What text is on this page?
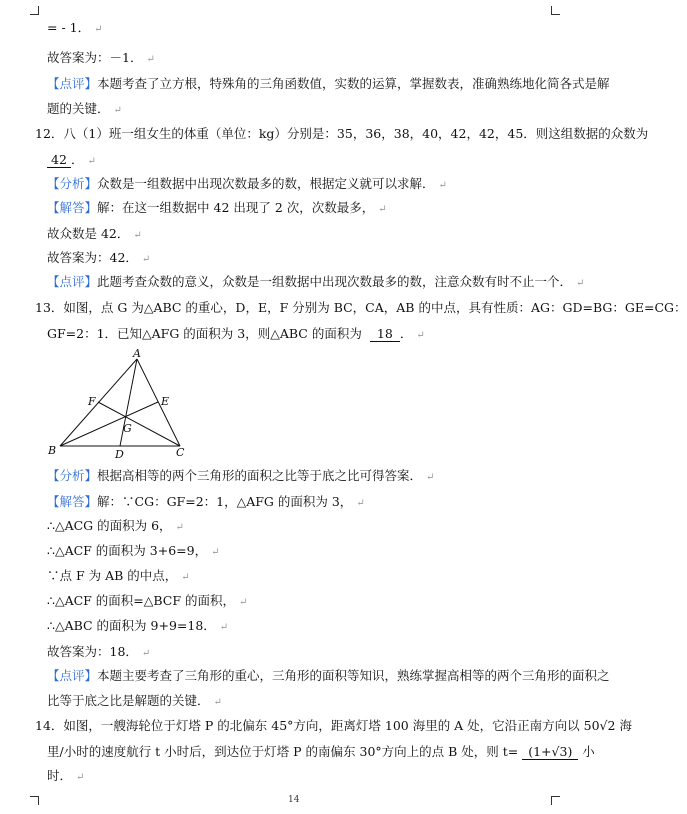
= - 1． ↵
故答案为：－1． ↵
【点评】本题考查了立方根，特殊角的三角函数值，实数的运算，掌握数表，准确熟练地化简各式是解
题的关键． ↵
12．八（1）班一组女生的体重（单位：kg）分别是：35，36，38，40，42，42，45．则这组数据的众数为
42 ． ↵
【分析】众数是一组数据中出现次数最多的数，根据定义就可以求解． ↵
【解答】解：在这一组数据中 42 出现了 2 次，次数最多， ↵
故众数是 42． ↵
故答案为：42． ↵
【点评】此题考查众数的意义，众数是一组数据中出现次数最多的数，注意众数有时不止一个． ↵
13．如图，点 G 为△ABC 的重心，D，E，F 分别为 BC，CA，AB 的中点，具有性质：AG：GD=BG：GE=CG：
GF=2：1．已知△AFG 的面积为 3，则△ABC 的面积为 18 ． ↵
A
B	C
D
E
F
G
【分析】根据高相等的两个三角形的面积之比等于底之比可得答案． ↵
【解答】解：∵CG：GF=2：1，△AFG 的面积为 3， ↵
∴△ACG 的面积为 6， ↵
∴△ACF 的面积为 3+6=9， ↵
∵点 F 为 AB 的中点， ↵
∴△ACF 的面积=△BCF 的面积， ↵
∴△ABC 的面积为 9+9=18． ↵
故答案为：18． ↵
【点评】本题主要考查了三角形的重心，三角形的面积等知识，熟练掌握高相等的两个三角形的面积之
比等于底之比是解题的关键． ↵
14．如图，一艘海轮位于灯塔 P 的北偏东 45°方向，距离灯塔 100 海里的 A 处，它沿正南方向以 50√2 海
里/小时的速度航行 t 小时后，到达位于灯塔 P 的南偏东 30°方向上的点 B 处，则 t= (1+√3) 小
时． ↵
14
